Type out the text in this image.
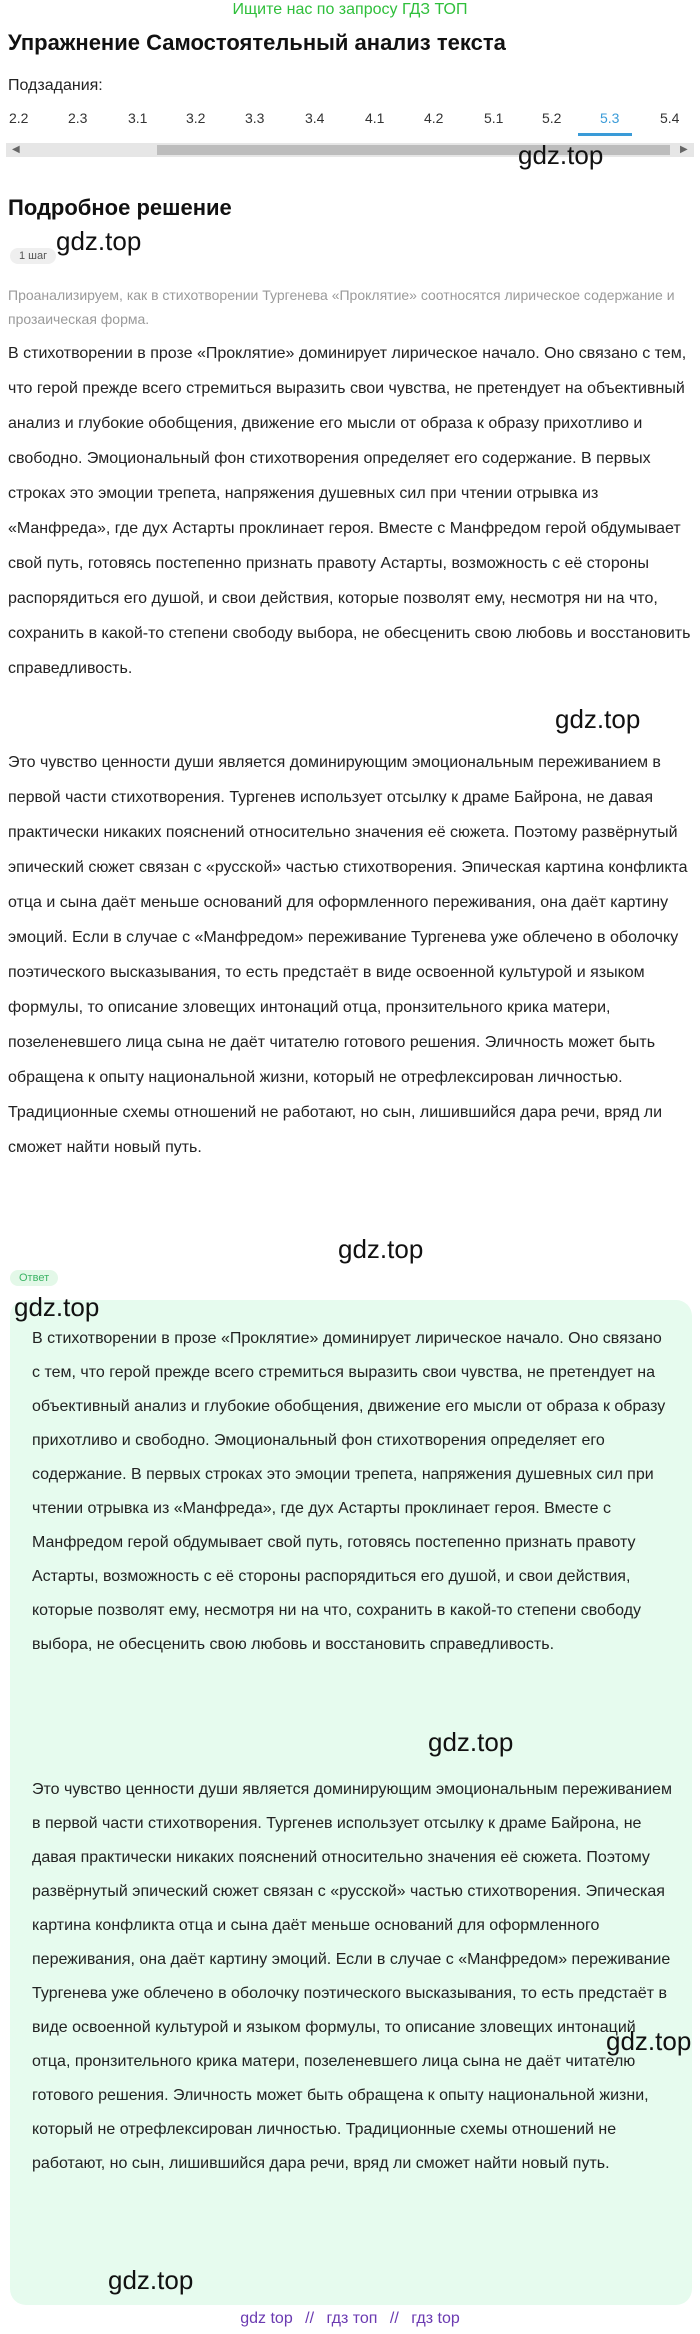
Ищите нас по запросу ГДЗ ТОП
Упражнение Самостоятельный анализ текста
Подзадания:
2.2	2.3	3.1	3.2	3.3	3.4	4.1	4.2	5.1	5.2	5.3	5.4
◀	▶
gdz.top
Подробное решение
1 шаг gdz.top
Проанализируем, как в стихотворении Тургенева «Проклятие» соотносятся лирическое содержание и прозаическая форма.
В стихотворении в прозе «Проклятие» доминирует лирическое начало. Оно связано с тем, что герой прежде всего стремиться выразить свои чувства, не претендует на объективный анализ и глубокие обобщения, движение его мысли от образа к образу прихотливо и свободно. Эмоциональный фон стихотворения определяет его содержание. В первых строках это эмоции трепета, напряжения душевных сил при чтении отрывка из «Манфреда», где дух Астарты проклинает героя. Вместе с Манфредом герой обдумывает свой путь, готовясь постепенно признать правоту Астарты, возможность с её стороны распорядиться его душой, и свои действия, которые позволят ему, несмотря ни на что, сохранить в какой-то степени свободу выбора, не обесценить свою любовь и восстановить справедливость.
gdz.top
Это чувство ценности души является доминирующим эмоциональным переживанием в первой части стихотворения. Тургенев использует отсылку к драме Байрона, не давая практически никаких пояснений относительно значения её сюжета. Поэтому развёрнутый эпический сюжет связан с «русской» частью стихотворения. Эпическая картина конфликта отца и сына даёт меньше оснований для оформленного переживания, она даёт картину эмоций. Если в случае с «Манфредом» переживание Тургенева уже облечено в оболочку поэтического высказывания, то есть предстаёт в виде освоенной культурой и языком формулы, то описание зловещих интонаций отца, пронзительного крика матери, позеленевшего лица сына не даёт читателю готового решения. Эличность может быть обращена к опыту национальной жизни, который не отрефлексирован личностью. Традиционные схемы отношений не работают, но сын, лишившийся дара речи, вряд ли сможет найти новый путь.
gdz.top
Ответ
gdz.top
В стихотворении в прозе «Проклятие» доминирует лирическое начало. Оно связано с тем, что герой прежде всего стремиться выразить свои чувства, не претендует на объективный анализ и глубокие обобщения, движение его мысли от образа к образу прихотливо и свободно. Эмоциональный фон стихотворения определяет его содержание. В первых строках это эмоции трепета, напряжения душевных сил при чтении отрывка из «Манфреда», где дух Астарты проклинает героя. Вместе с Манфредом герой обдумывает свой путь, готовясь постепенно признать правоту Астарты, возможность с её стороны распорядиться его душой, и свои действия, которые позволят ему, несмотря ни на что, сохранить в какой-то степени свободу выбора, не обесценить свою любовь и восстановить справедливость.
gdz.top
Это чувство ценности души является доминирующим эмоциональным переживанием в первой части стихотворения. Тургенев использует отсылку к драме Байрона, не давая практически никаких пояснений относительно значения её сюжета. Поэтому развёрнутый эпический сюжет связан с «русской» частью стихотворения. Эпическая картина конфликта отца и сына даёт меньше оснований для оформленного переживания, она даёт картину эмоций. Если в случае с «Манфредом» переживание Тургенева уже облечено в оболочку поэтического высказывания, то есть предстаёт в виде освоенной культурой и языком формулы, то описание зловещих интонаций отца, пронзительного крика матери, позеленевшего лица сына не даёт читателю готового решения. Эличность может быть обращена к опыту национальной жизни, который не отрефлексирован личностью. Традиционные схемы отношений не работают, но сын, лишившийся дара речи, вряд ли сможет найти новый путь.
gdz.top
gdz.top
gdz top // гдз топ // гдз top
